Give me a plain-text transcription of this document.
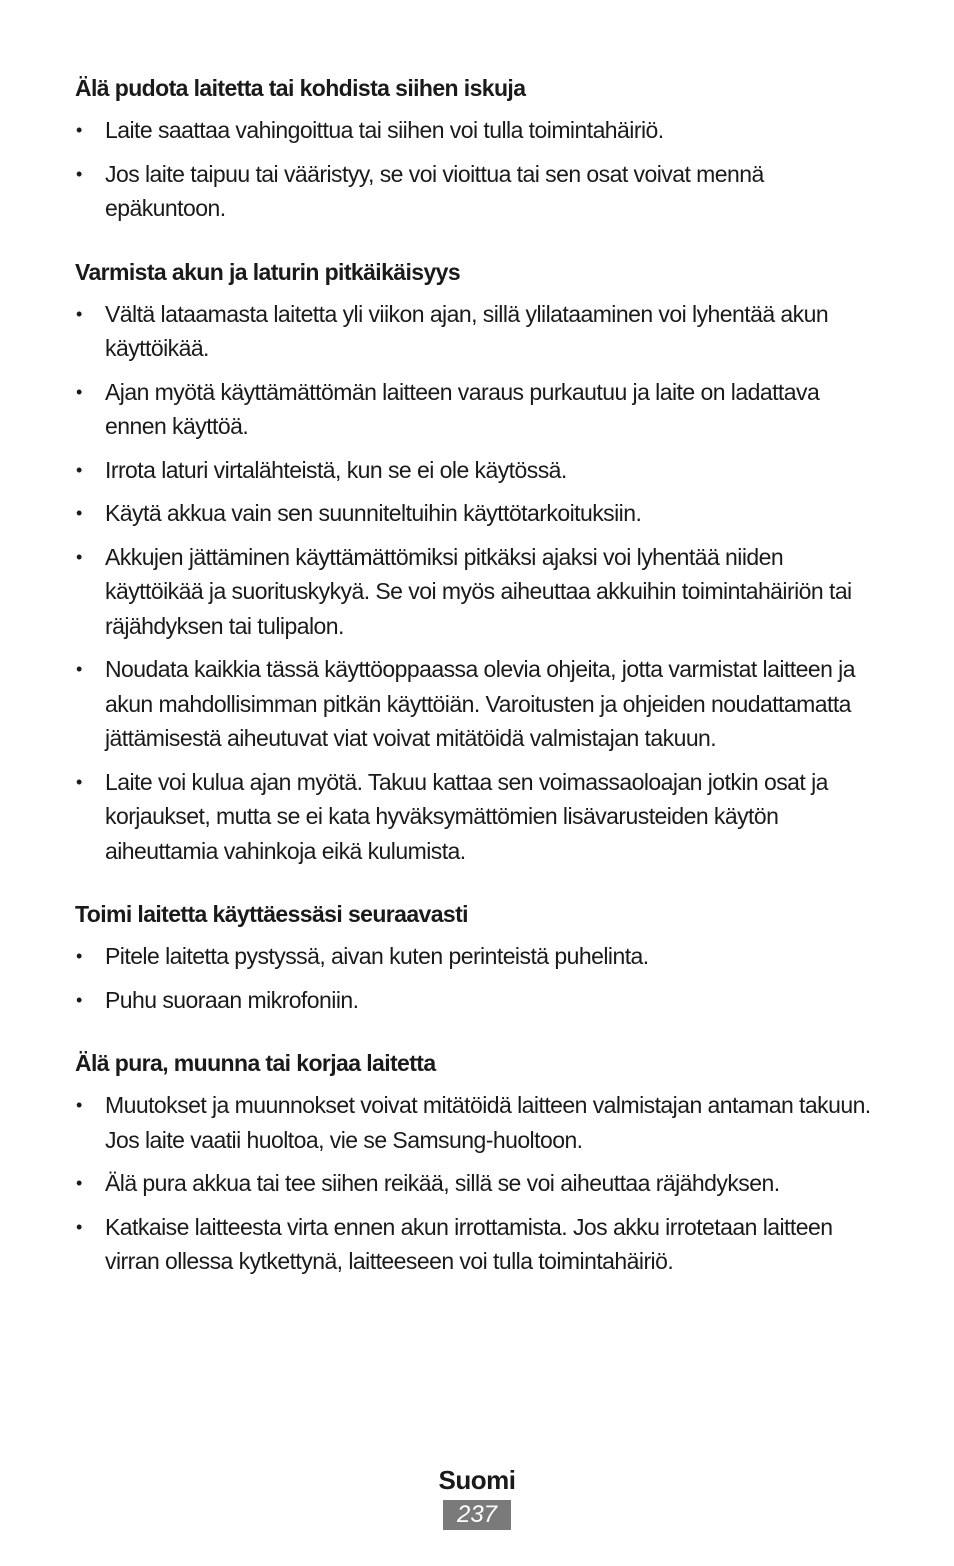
Älä pudota laitetta tai kohdista siihen iskuja
• Laite saattaa vahingoittua tai siihen voi tulla toimintahäiriö.
• Jos laite taipuu tai vääristyy, se voi vioittua tai sen osat voivat mennä epäkuntoon.
Varmista akun ja laturin pitkäikäisyys
• Vältä lataamasta laitetta yli viikon ajan, sillä ylilataaminen voi lyhentää akun käyttöikää.
• Ajan myötä käyttämättömän laitteen varaus purkautuu ja laite on ladattava ennen käyttöä.
• Irrota laturi virtalähteistä, kun se ei ole käytössä.
• Käytä akkua vain sen suunniteltuihin käyttötarkoituksiin.
• Akkujen jättäminen käyttämättömiksi pitkäksi ajaksi voi lyhentää niiden käyttöikää ja suorituskykyä. Se voi myös aiheuttaa akkuihin toimintahäiriön tai räjähdyksen tai tulipalon.
• Noudata kaikkia tässä käyttöoppaassa olevia ohjeita, jotta varmistat laitteen ja akun mahdollisimman pitkän käyttöiän. Varoitusten ja ohjeiden noudattamatta jättämisestä aiheutuvat viat voivat mitätöidä valmistajan takuun.
• Laite voi kulua ajan myötä. Takuu kattaa sen voimassaoloajan jotkin osat ja korjaukset, mutta se ei kata hyväksymättömien lisävarusteiden käytön aiheuttamia vahinkoja eikä kulumista.
Toimi laitetta käyttäessäsi seuraavasti
• Pitele laitetta pystyssä, aivan kuten perinteistä puhelinta.
• Puhu suoraan mikrofoniin.
Älä pura, muunna tai korjaa laitetta
• Muutokset ja muunnokset voivat mitätöidä laitteen valmistajan antaman takuun. Jos laite vaatii huoltoa, vie se Samsung-huoltoon.
• Älä pura akkua tai tee siihen reikää, sillä se voi aiheuttaa räjähdyksen.
• Katkaise laitteesta virta ennen akun irrottamista. Jos akku irrotetaan laitteen virran ollessa kytkettynä, laitteeseen voi tulla toimintahäiriö.
Suomi
237
